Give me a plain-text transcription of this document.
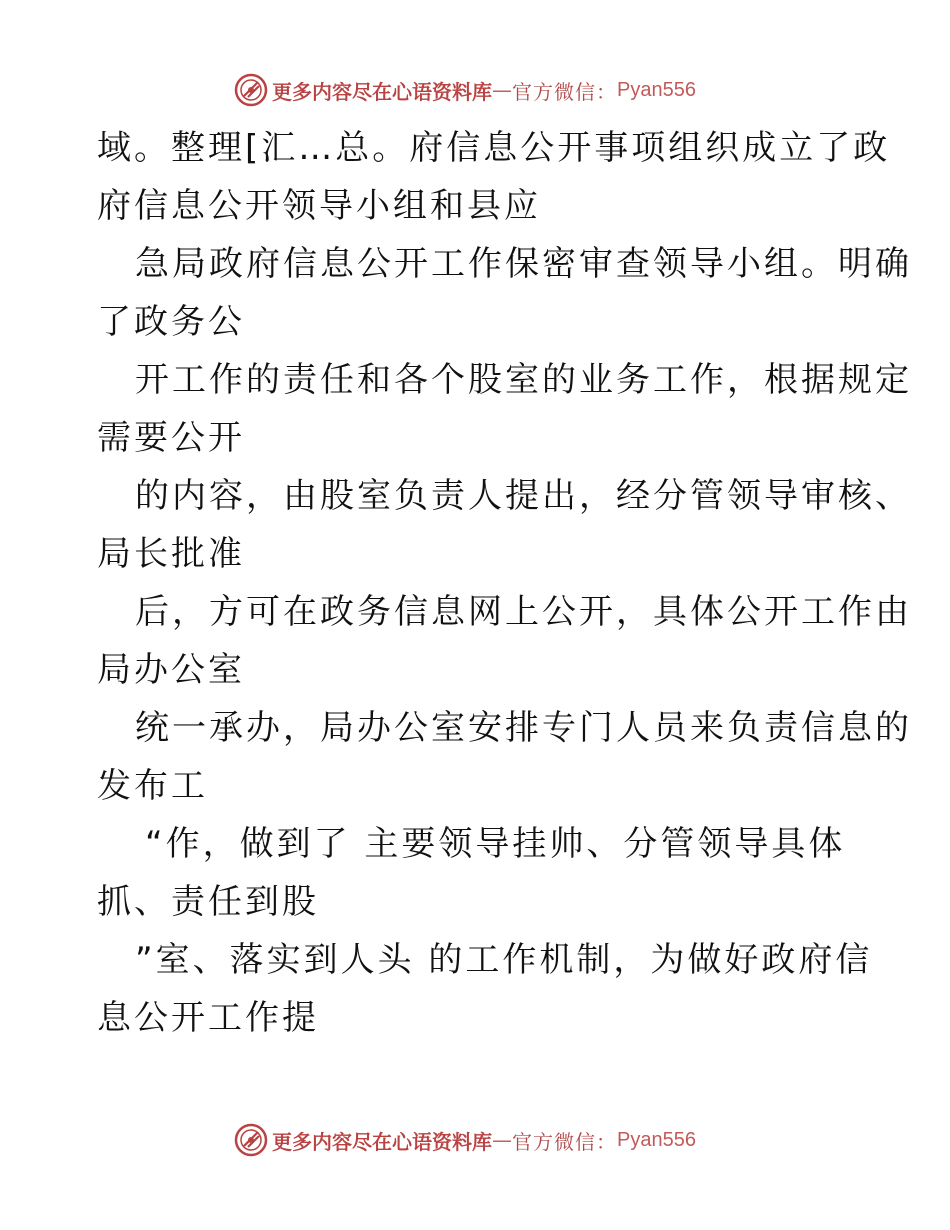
更多内容尽在心语资料库 — 官方微信： Pyan556
域。整理[汇…总。府信息公开事项组织成立了政
府信息公开领导小组和县应
急局政府信息公开工作保密审查领导小组。明确
了政务公
开工作的责任和各个股室的业务工作，根据规定
需要公开
的内容，由股室负责人提出，经分管领导审核、
局长批准
后，方可在政务信息网上公开，具体公开工作由
局办公室
统一承办，局办公室安排专门人员来负责信息的
发布工
“作，做到了 主要领导挂帅、分管领导具体
抓、责任到股
”室、落实到人头 的工作机制，为做好政府信
息公开工作提
更多内容尽在心语资料库 — 官方微信： Pyan556
